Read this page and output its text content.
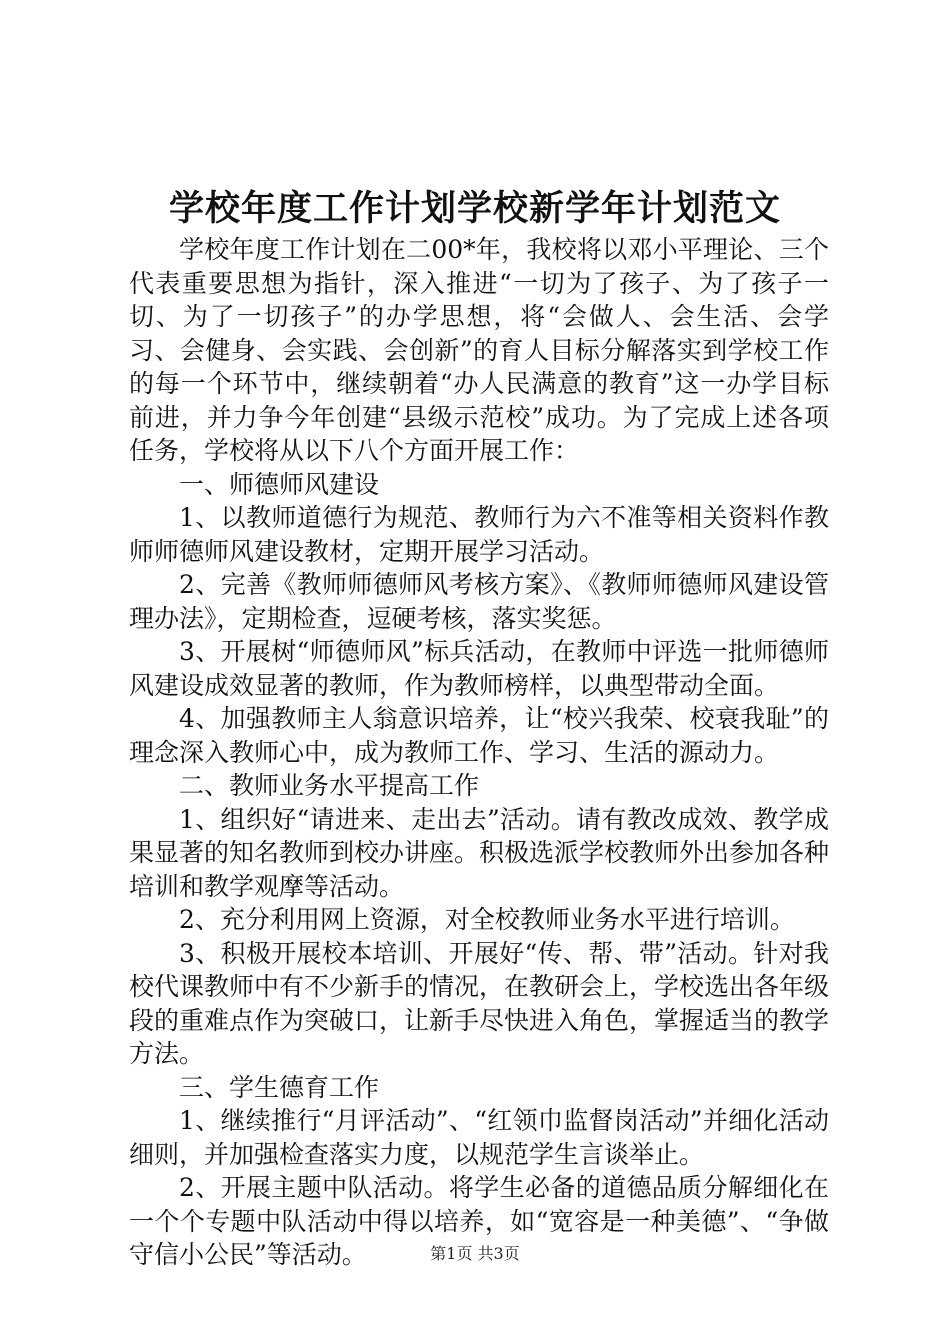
学校年度工作计划学校新学年计划范文

学校年度工作计划在二00*年，我校将以邓小平理论、三个代表重要思想为指针，深入推进“一切为了孩子、为了孩子一切、为了一切孩子”的办学思想，将“会做人、会生活、会学习、会健身、会实践、会创新”的育人目标分解落实到学校工作的每一个环节中，继续朝着“办人民满意的教育”这一办学目标前进，并力争今年创建“县级示范校”成功。为了完成上述各项任务，学校将从以下八个方面开展工作：

一、师德师风建设

1、以教师道德行为规范、教师行为六不准等相关资料作教师师德师风建设教材，定期开展学习活动。

2、完善《教师师德师风考核方案》、《教师师德师风建设管理办法》，定期检查，逗硬考核，落实奖惩。

3、开展树“师德师风”标兵活动，在教师中评选一批师德师风建设成效显著的教师，作为教师榜样，以典型带动全面。

4、加强教师主人翁意识培养，让“校兴我荣、校衰我耻”的理念深入教师心中，成为教师工作、学习、生活的源动力。

二、教师业务水平提高工作

1、组织好“请进来、走出去”活动。请有教改成效、教学成果显著的知名教师到校办讲座。积极选派学校教师外出参加各种培训和教学观摩等活动。

2、充分利用网上资源，对全校教师业务水平进行培训。

3、积极开展校本培训、开展好“传、帮、带”活动。针对我校代课教师中有不少新手的情况，在教研会上，学校选出各年级段的重难点作为突破口，让新手尽快进入角色，掌握适当的教学方法。

三、学生德育工作

1、继续推行“月评活动”、“红领巾监督岗活动”并细化活动细则，并加强检查落实力度，以规范学生言谈举止。

2、开展主题中队活动。将学生必备的道德品质分解细化在一个个专题中队活动中得以培养，如“宽容是一种美德”、“争做守信小公民”等活动。	第1页 共3页
